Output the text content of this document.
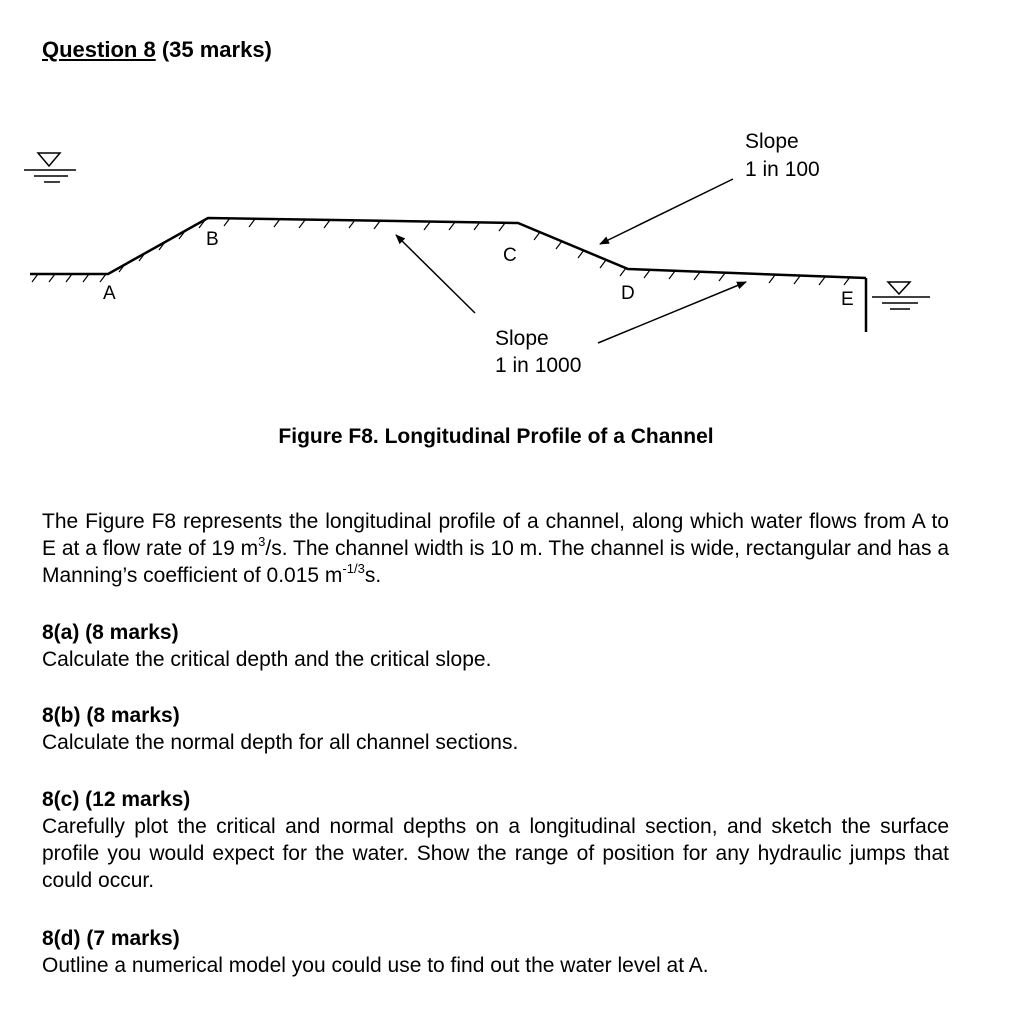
Question 8 (35 marks)
A
B
C
D	E
Slope
1 in 100
Slope
1 in 1000
Figure F8. Longitudinal Profile of a Channel
The Figure F8 represents the longitudinal profile of a channel, along which water flows from A to E at a flow rate of 19 $m^3/s$. The channel width is 10 m. The channel is wide, rectangular and has a Manning’s coefficient of 0.015 $m^{-1/3}s$.
8(a) (8 marks)
Calculate the critical depth and the critical slope.
8(b) (8 marks)
Calculate the normal depth for all channel sections.
8(c) (12 marks)
Carefully plot the critical and normal depths on a longitudinal section, and sketch the surface profile you would expect for the water. Show the range of position for any hydraulic jumps that could occur.
8(d) (7 marks)
Outline a numerical model you could use to find out the water level at A.
